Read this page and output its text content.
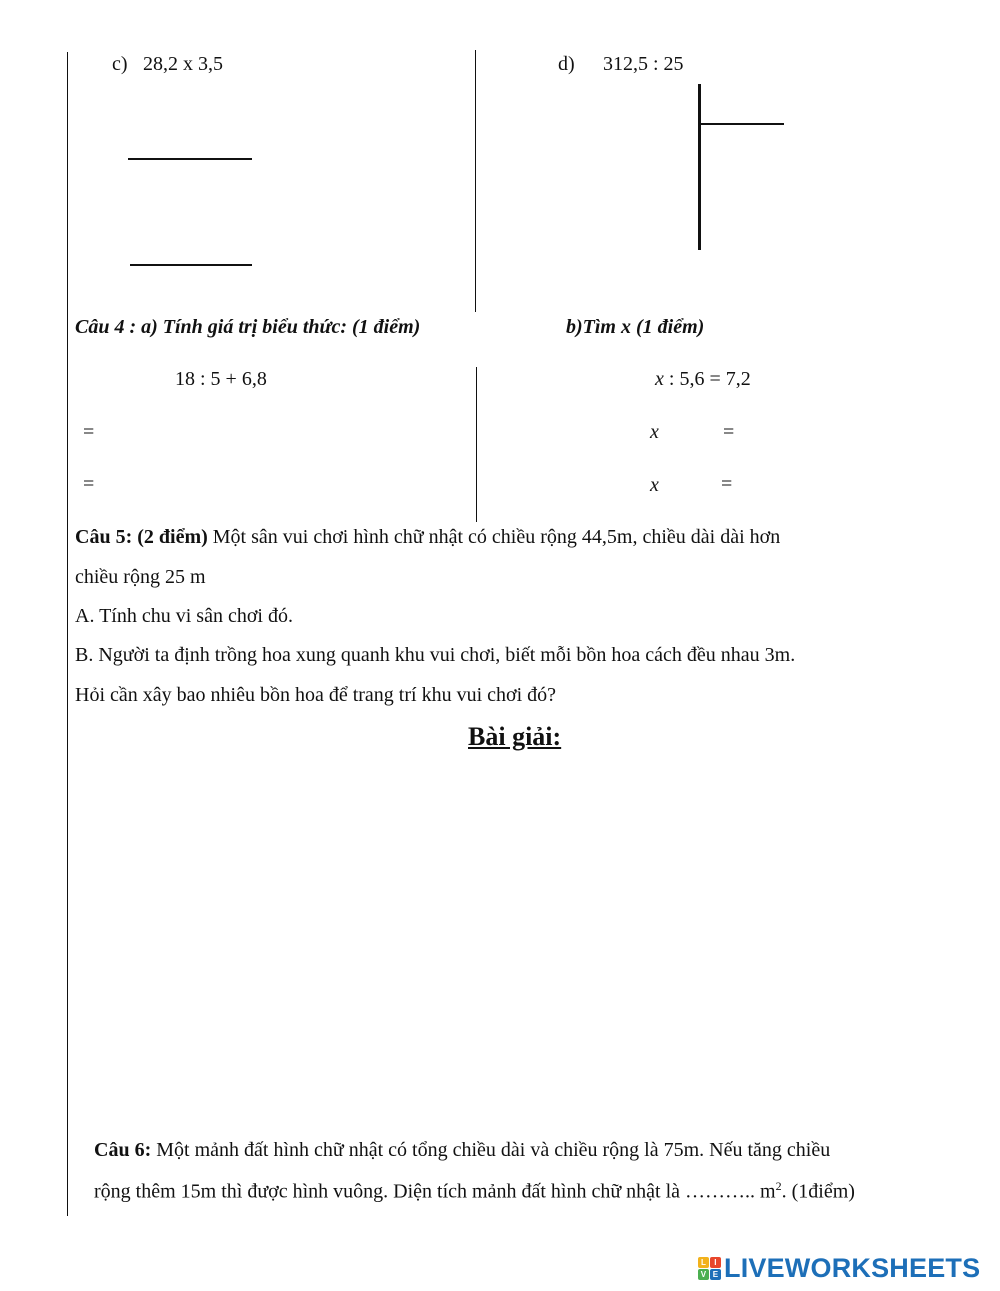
c) 28,2 x 3,5	d) 312,5 : 25
Câu 4 : a) Tính giá trị biểu thức: (1 điểm)	b)Tìm x (1 điểm)
18 : 5 + 6,8
=
=
x : 5,6 = 7,2
x	=
x	=
Câu 5: (2 điểm) Một sân vui chơi hình chữ nhật có chiều rộng 44,5m, chiều dài dài hơn
chiều rộng 25 m
A. Tính chu vi sân chơi đó.
B. Người ta định trồng hoa xung quanh khu vui chơi, biết mỗi bồn hoa cách đều nhau 3m.
Hỏi cần xây bao nhiêu bồn hoa để trang trí khu vui chơi đó?
Bài giải:
Câu 6: Một mảnh đất hình chữ nhật có tổng chiều dài và chiều rộng là 75m. Nếu tăng chiều
rộng thêm 15m thì được hình vuông. Diện tích mảnh đất hình chữ nhật là ……….. $m^2$. (1điểm)
L	I
V E LIVEWORKSHEETS
